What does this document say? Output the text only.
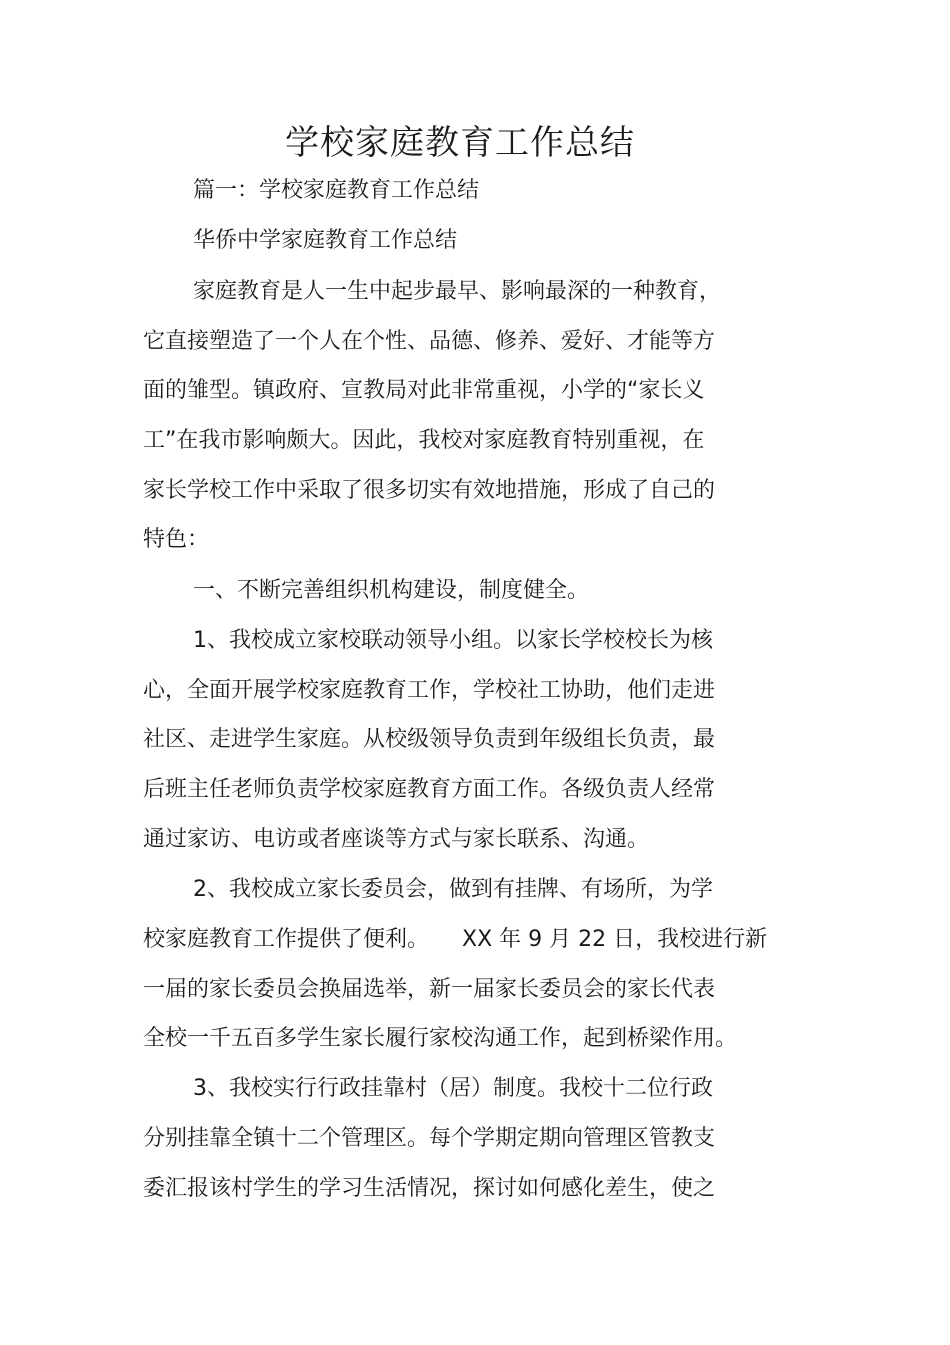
学校家庭教育工作总结
篇一：学校家庭教育工作总结
华侨中学家庭教育工作总结
家庭教育是人一生中起步最早、影响最深的一种教育，
它直接塑造了一个人在个性、品德、修养、爱好、才能等方
面的雏型。镇政府、宣教局对此非常重视，小学的“家长义
工”在我市影响颇大。因此，我校对家庭教育特别重视，在
家长学校工作中采取了很多切实有效地措施，形成了自己的
特色：
一、不断完善组织机构建设，制度健全。
1、我校成立家校联动领导小组。以家长学校校长为核
心，全面开展学校家庭教育工作，学校社工协助，他们走进
社区、走进学生家庭。从校级领导负责到年级组长负责，最
后班主任老师负责学校家庭教育方面工作。各级负责人经常
通过家访、电访或者座谈等方式与家长联系、沟通。
2、我校成立家长委员会，做到有挂牌、有场所，为学
校家庭教育工作提供了便利。　　XX 年 9 月 22 日，我校进行新
一届的家长委员会换届选举，新一届家长委员会的家长代表
全校一千五百多学生家长履行家校沟通工作，起到桥梁作用。
3、我校实行行政挂靠村（居）制度。我校十二位行政
分别挂靠全镇十二个管理区。每个学期定期向管理区管教支
委汇报该村学生的学习生活情况，探讨如何感化差生，使之
